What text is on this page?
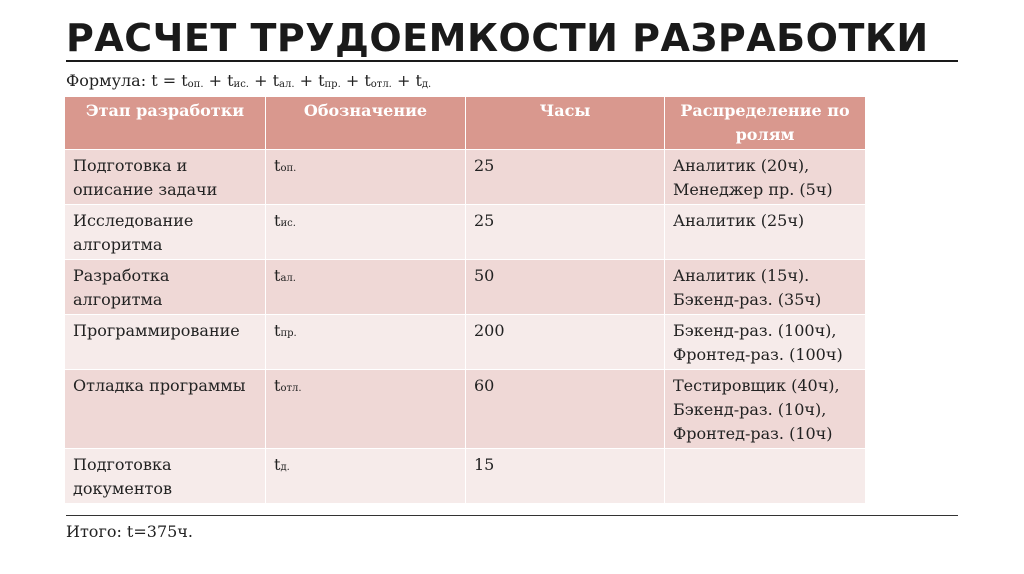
РАСЧЕТ ТРУДОЕМКОСТИ РАЗРАБОТКИ
Формула: $t = t_{оп.} + t_{ис.} + t_{ал.} + t_{пр.} + t_{отл.} + t_{д.}$
Этап разработки	Обозначение	Часы	Распределение по ролям
Подготовка и описание задачи	tоп.	25	Аналитик (20ч),
Менеджер пр. (5ч)

Исследование алгоритма	tис.	25	Аналитик (25ч)

Разработка алгоритма	tал.	50	Аналитик (15ч).
Бэкенд-раз. (35ч)

Программирование	tпр.	200	Бэкенд-раз. (100ч),
Фронтед-раз. (100ч)

Отладка программы	tотл.	60	Тестировщик (40ч),
Бэкенд-раз. (10ч),
Фронтед-раз. (10ч)

Подготовка документов	tд.	15	
Итого: t=375ч.
